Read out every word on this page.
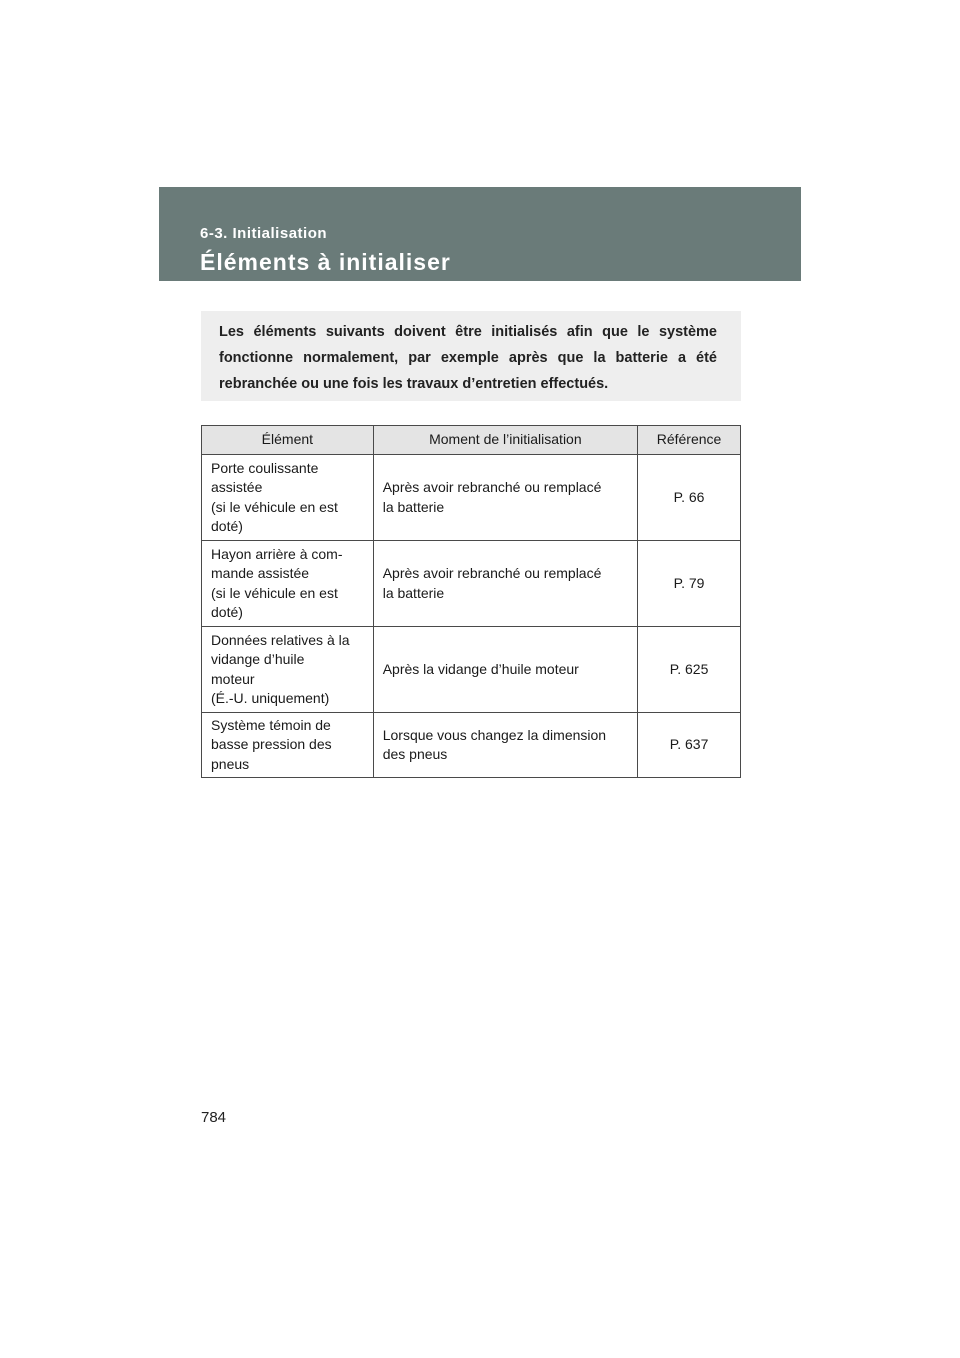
6-3. Initialisation
Éléments à initialiser

Les éléments suivants doivent être initialisés afin que le système fonctionne normalement, par exemple après que la batterie a été rebranchée ou une fois les travaux d’entretien effectués.

Élément	Moment de l’initialisation	Référence
Porte coulissante
assistée
(si le véhicule en est
doté)	Après avoir rebranché ou remplacé
la batterie	P. 66
Hayon arrière à com-
mande assistée
(si le véhicule en est
doté)	Après avoir rebranché ou remplacé
la batterie	P. 79
Données relatives à la
vidange d’huile
moteur
(É.-U. uniquement)	Après la vidange d’huile moteur	P. 625
Système témoin de
basse pression des
pneus	Lorsque vous changez la dimension
des pneus	P. 637
784
